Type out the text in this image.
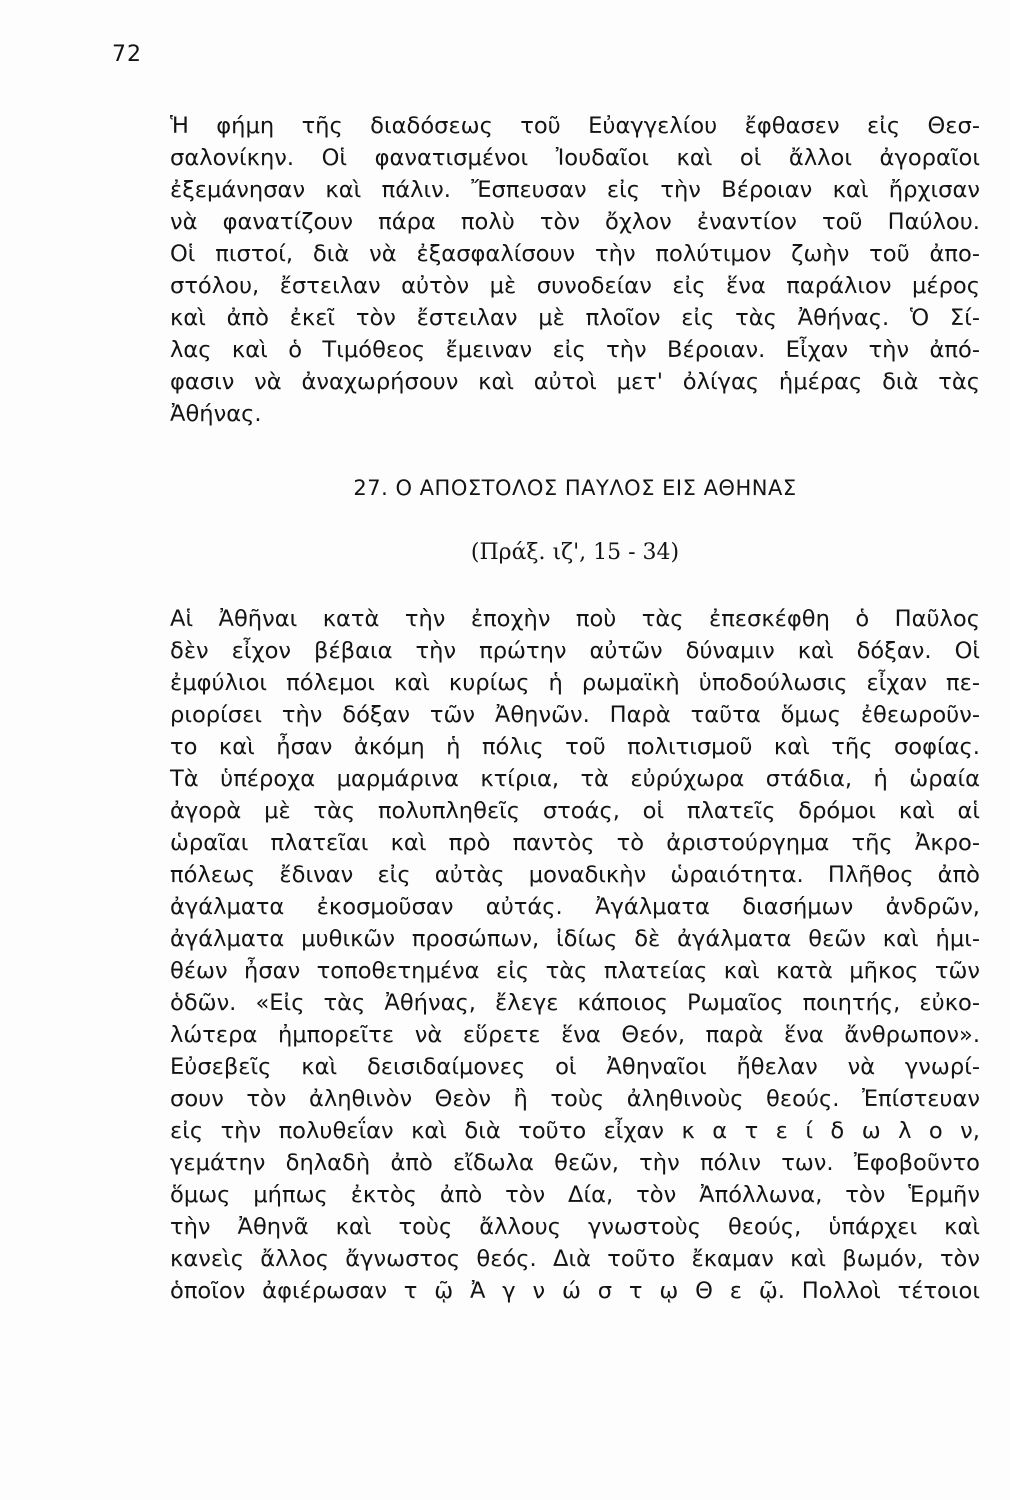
72
Ἡ φήμη τῆς διαδόσεως τοῦ Εὐαγγελίου ἔφθασεν εἰς Θεσ-
σαλονίκην. Οἱ φανατισμένοι Ἰουδαῖοι καὶ οἱ ἄλλοι ἀγοραῖοι
ἐξεμάνησαν καὶ πάλιν. Ἔσπευσαν εἰς τὴν Βέροιαν καὶ ἤρχισαν
νὰ φανατίζουν πάρα πολὺ τὸν ὄχλον ἐναντίον τοῦ Παύλου.
Οἱ πιστοί, διὰ νὰ ἐξασφαλίσουν τὴν πολύτιμον ζωὴν τοῦ ἀπο-
στόλου, ἔστειλαν αὐτὸν μὲ συνοδείαν εἰς ἕνα παράλιον μέρος
καὶ ἀπὸ ἐκεῖ τὸν ἔστειλαν μὲ πλοῖον εἰς τὰς Ἀθήνας. Ὁ Σί-
λας καὶ ὁ Τιμόθεος ἔμειναν εἰς τὴν Βέροιαν. Εἶχαν τὴν ἀπό-
φασιν νὰ ἀναχωρήσουν καὶ αὐτοὶ μετ' ὀλίγας ἡμέρας διὰ τὰς
Ἀθήνας.
27. Ο ΑΠΟΣΤΟΛΟΣ ΠΑΥΛΟΣ ΕΙΣ ΑΘΗΝΑΣ
(Πράξ. ιζ', 15 - 34)
Αἱ Ἀθῆναι κατὰ τὴν ἐποχὴν ποὺ τὰς ἐπεσκέφθη ὁ Παῦλος
δὲν εἶχον βέβαια τὴν πρώτην αὐτῶν δύναμιν καὶ δόξαν. Οἱ
ἐμφύλιοι πόλεμοι καὶ κυρίως ἡ ρωμαϊκὴ ὑποδούλωσις εἶχαν πε-
ριορίσει τὴν δόξαν τῶν Ἀθηνῶν. Παρὰ ταῦτα ὅμως ἐθεωροῦν-
το καὶ ἦσαν ἀκόμη ἡ πόλις τοῦ πολιτισμοῦ καὶ τῆς σοφίας.
Τὰ ὑπέροχα μαρμάρινα κτίρια, τὰ εὐρύχωρα στάδια, ἡ ὡραία
ἀγορὰ μὲ τὰς πολυπληθεῖς στοάς, οἱ πλατεῖς δρόμοι καὶ αἱ
ὡραῖαι πλατεῖαι καὶ πρὸ παντὸς τὸ ἀριστούργημα τῆς Ἀκρο-
πόλεως ἔδιναν εἰς αὐτὰς μοναδικὴν ὡραιότητα. Πλῆθος ἀπὸ
ἀγάλματα ἐκοσμοῦσαν αὐτάς. Ἀγάλματα διασήμων ἀνδρῶν,
ἀγάλματα μυθικῶν προσώπων, ἰδίως δὲ ἀγάλματα θεῶν καὶ ἡμι-
θέων ἦσαν τοποθετημένα εἰς τὰς πλατείας καὶ κατὰ μῆκος τῶν
ὁδῶν. «Εἰς τὰς Ἀθήνας, ἔλεγε κάποιος Ρωμαῖος ποιητής, εὐκο-
λώτερα ἠμπορεῖτε νὰ εὕρετε ἕνα Θεόν, παρὰ ἕνα ἄνθρωπον».
Εὐσεβεῖς καὶ δεισιδαίμονες οἱ Ἀθηναῖοι ἤθελαν νὰ γνωρί-
σουν τὸν ἀληθινὸν Θεὸν ἢ τοὺς ἀληθινοὺς θεούς. Ἐπίστευαν
εἰς τὴν πολυθεΐαν καὶ διὰ τοῦτο εἶχαν κ α τ ε ί δ ω λ ο ν,
γεμάτην δηλαδὴ ἀπὸ εἴδωλα θεῶν, τὴν πόλιν των. Ἐφοβοῦντο
ὅμως μήπως ἐκτὸς ἀπὸ τὸν Δία, τὸν Ἀπόλλωνα, τὸν Ἑρμῆν
τὴν Ἀθηνᾶ καὶ τοὺς ἄλλους γνωστοὺς θεούς, ὑπάρχει καὶ
κανεὶς ἄλλος ἄγνωστος θεός. Διὰ τοῦτο ἔκαμαν καὶ βωμόν, τὸν
ὁποῖον ἀφιέρωσαν τ ῷ Ἀ γ ν ώ σ τ ῳ Θ ε ῷ. Πολλοὶ τέτοιοι
